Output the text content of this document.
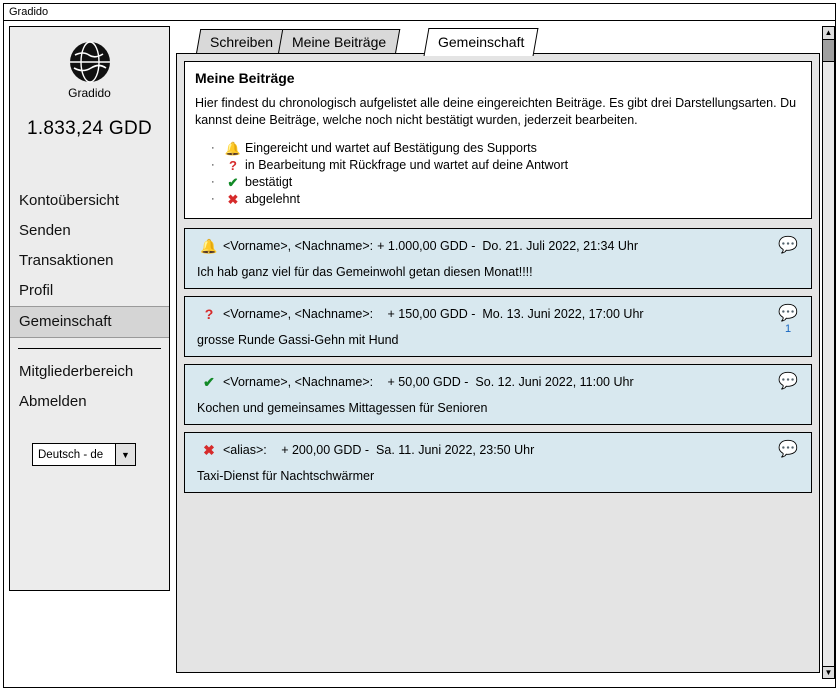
Gradido
Gradido
1.833,24 GDD
Kontoübersicht
Senden
Transaktionen
Profil
Gemeinschaft
Mitgliederbereich
Abmelden
Deutsch - de	▼
Schreiben	Meine Beiträge	Gemeinschaft
Meine Beiträge
Hier findest du chronologisch aufgelistet alle deine eingereichten Beiträge. Es gibt drei Darstellungsarten. Du kannst deine Beiträge, welche noch nicht bestätigt wurden, jederzeit bearbeiten.
· 🔔 Eingereicht und wartet auf Bestätigung des Supports
·	? in Bearbeitung mit Rückfrage und wartet auf deine Antwort
· ✔ bestätigt
· ✖ abgelehnt
🔔 <Vorname>, <Nachname>: + 1.000,00 GDD -  Do. 21. Juli 2022, 21:34 Uhr
Ich hab ganz viel für das Gemeinwohl getan diesen Monat!!!!
💬
? <Vorname>, <Nachname>: + 150,00 GDD -  Mo. 13. Juni 2022, 17:00 Uhr
grosse Runde Gassi-Gehn mit Hund
💬
1
✔ <Vorname>, <Nachname>: + 50,00 GDD -  So. 12. Juni 2022, 11:00 Uhr
Kochen und gemeinsames Mittagessen für Senioren
💬
✖ <alias>: + 200,00 GDD -  Sa. 11. Juni 2022, 23:50 Uhr
Taxi-Dienst für Nachtschwärmer
💬
▲
▼
